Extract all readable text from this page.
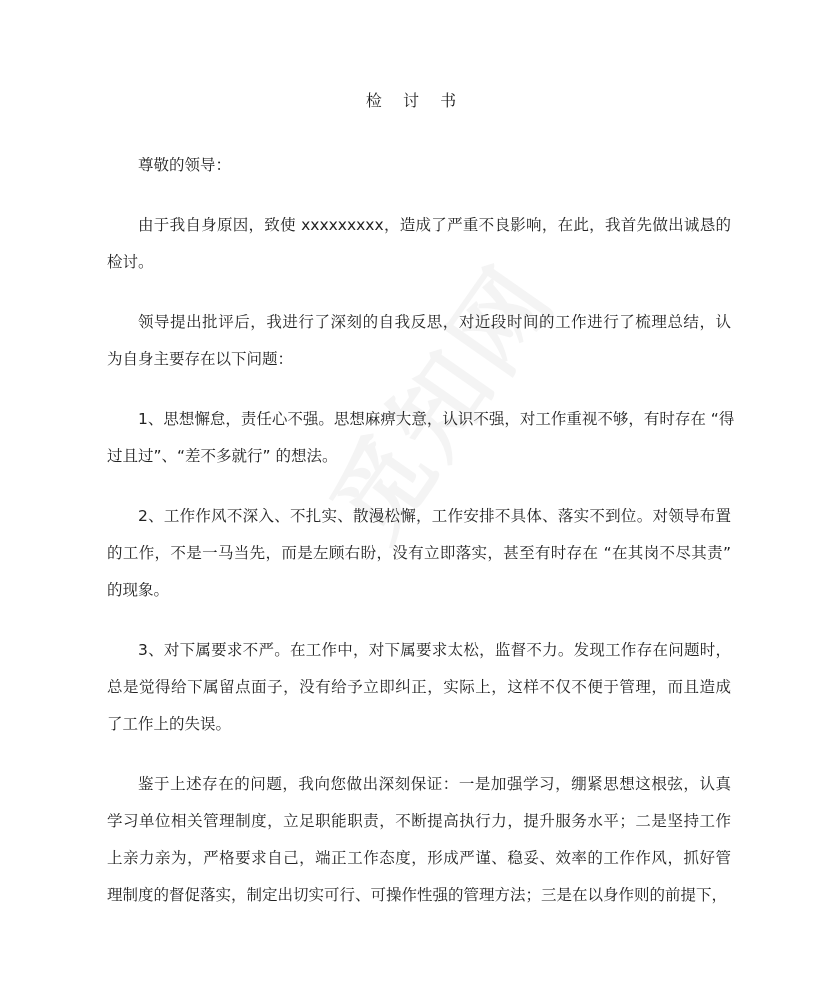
检 讨 书
尊敬的领导：
由于我自身原因，致使 xxxxxxxxx，造成了严重不良影响，在此，我首先做出诚恳的
检讨。
领导提出批评后，我进行了深刻的自我反思，对近段时间的工作进行了梳理总结，认
为自身主要存在以下问题：
1、思想懈怠，责任心不强。思想麻痹大意，认识不强，对工作重视不够，有时存在 “得
过且过”、“差不多就行” 的想法。
2、工作作风不深入、不扎实、散漫松懈，工作安排不具体、落实不到位。对领导布置
的工作，不是一马当先，而是左顾右盼，没有立即落实，甚至有时存在 “在其岗不尽其责”
的现象。
3、对下属要求不严。在工作中，对下属要求太松，监督不力。发现工作存在问题时，
总是觉得给下属留点面子，没有给予立即纠正，实际上，这样不仅不便于管理，而且造成
了工作上的失误。
鉴于上述存在的问题，我向您做出深刻保证：一是加强学习，绷紧思想这根弦，认真
学习单位相关管理制度，立足职能职责，不断提高执行力，提升服务水平；二是坚持工作
上亲力亲为，严格要求自己，端正工作态度，形成严谨、稳妥、效率的工作作风，抓好管
理制度的督促落实，制定出切实可行、可操作性强的管理方法；三是在以身作则的前提下，
